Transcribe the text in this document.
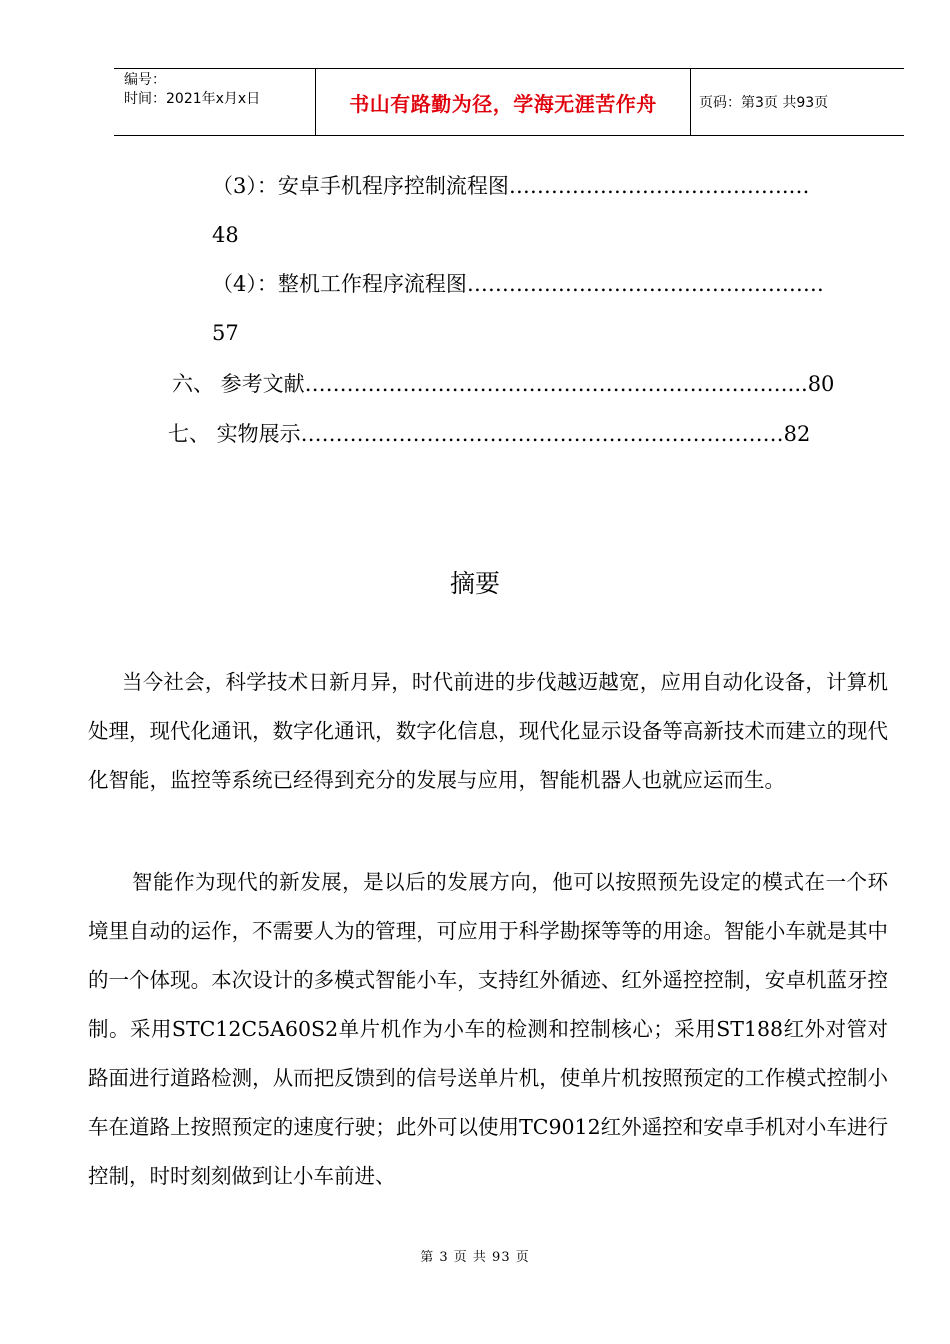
编号：
时间：2021年x月x日	书山有路勤为径，学海无涯苦作舟	页码：第3页 共93页
（3）：安卓手机程序控制流程图………………………………….…
48
（4）：整机工作程序流程图……………………………………………
57
六、 参考文献……………………………………………………………...80
七、 实物展示……………………………………………………………82
摘要
当今社会，科学技术日新月异，时代前进的步伐越迈越宽，应用自动化设备，计算机处理，现代化通讯，数字化通讯，数字化信息，现代化显示设备等高新技术而建立的现代化智能，监控等系统已经得到充分的发展与应用，智能机器人也就应运而生。
智能作为现代的新发展，是以后的发展方向，他可以按照预先设定的模式在一个环境里自动的运作，不需要人为的管理，可应用于科学勘探等等的用途。智能小车就是其中的一个体现。本次设计的多模式智能小车，支持红外循迹、红外遥控控制，安卓机蓝牙控制。采用STC12C5A60S2单片机作为小车的检测和控制核心；采用ST188红外对管对路面进行道路检测，从而把反馈到的信号送单片机，使单片机按照预定的工作模式控制小车在道路上按照预定的速度行驶；此外可以使用TC9012红外遥控和安卓手机对小车进行控制，时时刻刻做到让小车前进、
第 3 页 共 93 页
